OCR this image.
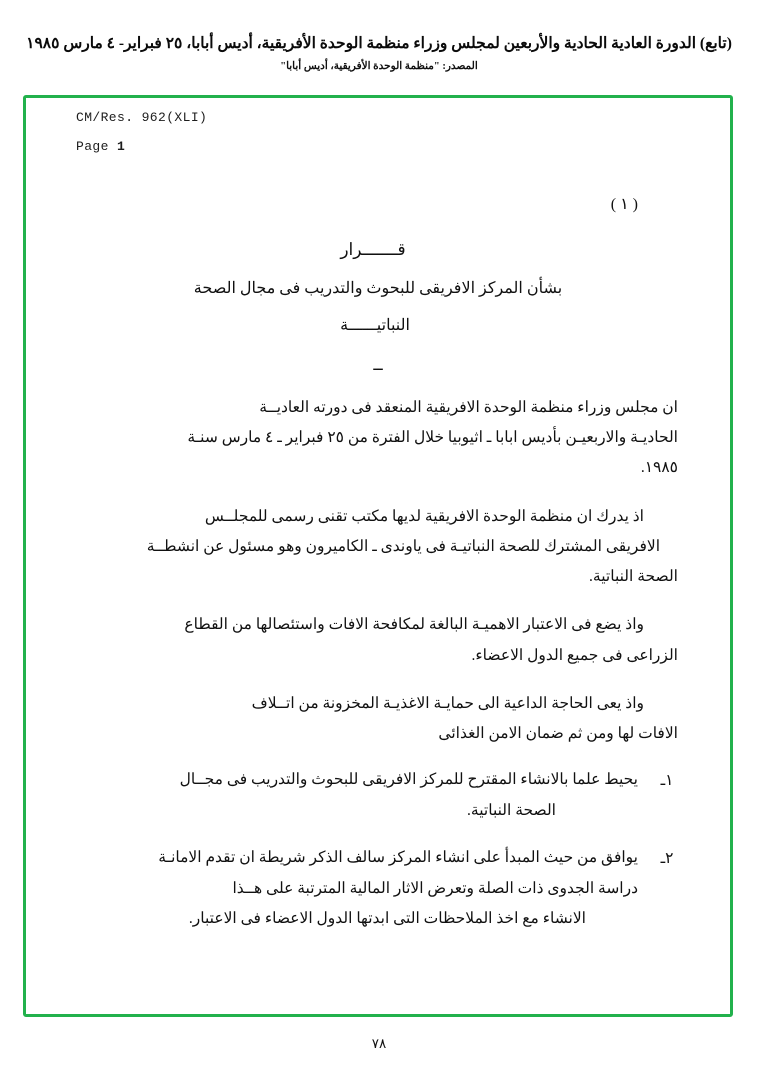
(تابع) الدورة العادية الحادية والأربعين لمجلس وزراء منظمة الوحدة الأفريقية، أديس أبابا، ٢٥ فبراير- ٤ مارس ١٩٨٥
المصدر: "منظمة الوحدة الأفريقية، أديس أبابا"
CM/Res. 962(XLI)
Page 1
( ١ )
قـــــــرار
بشأن المركز الافريقى للبحوث والتدريب فى مجال الصحة
النباتيــــــة
ــ
ان مجلس وزراء منظمة الوحدة الافريقية المنعقد فى دورته العاديــة
الحاديـة والاربعيـن بأديس ابابا ـ اثيوبيا خلال الفترة من ٢٥ فبراير ـ ٤ مارس سنـة
١٩٨٥.
اذ يدرك ان منظمة الوحدة الافريقية لديها مكتب تقنى رسمى للمجلــس
الافريقى المشترك للصحة النباتيـة فى ياوندى ـ الكاميرون وهو مسئول عن انشطــة
الصحة النباتية.
واذ يضع فى الاعتبار الاهميـة البالغة لمكافحة الافات واستئصالها من القطاع
الزراعى فى جميع الدول الاعضاء.
واذ يعى الحاجة الداعية الى حمايـة الاغذيـة المخزونة من اتــلاف
الافات لها ومن ثم ضمان الامن الغذائى
١ـ
يحيط علما بالانشاء المقترح للمركز الافريقى للبحوث والتدريب فى مجــال
الصحة النباتية.
٢ـ
يوافق من حيث المبدأ على انشاء المركز سالف الذكر شريطة ان تقدم الامانـة
دراسة الجدوى ذات الصلة وتعرض الاثار المالية المترتبة على هــذا
الانشاء مع اخذ الملاحظات التى ابدتها الدول الاعضاء فى الاعتبار.
٧٨
